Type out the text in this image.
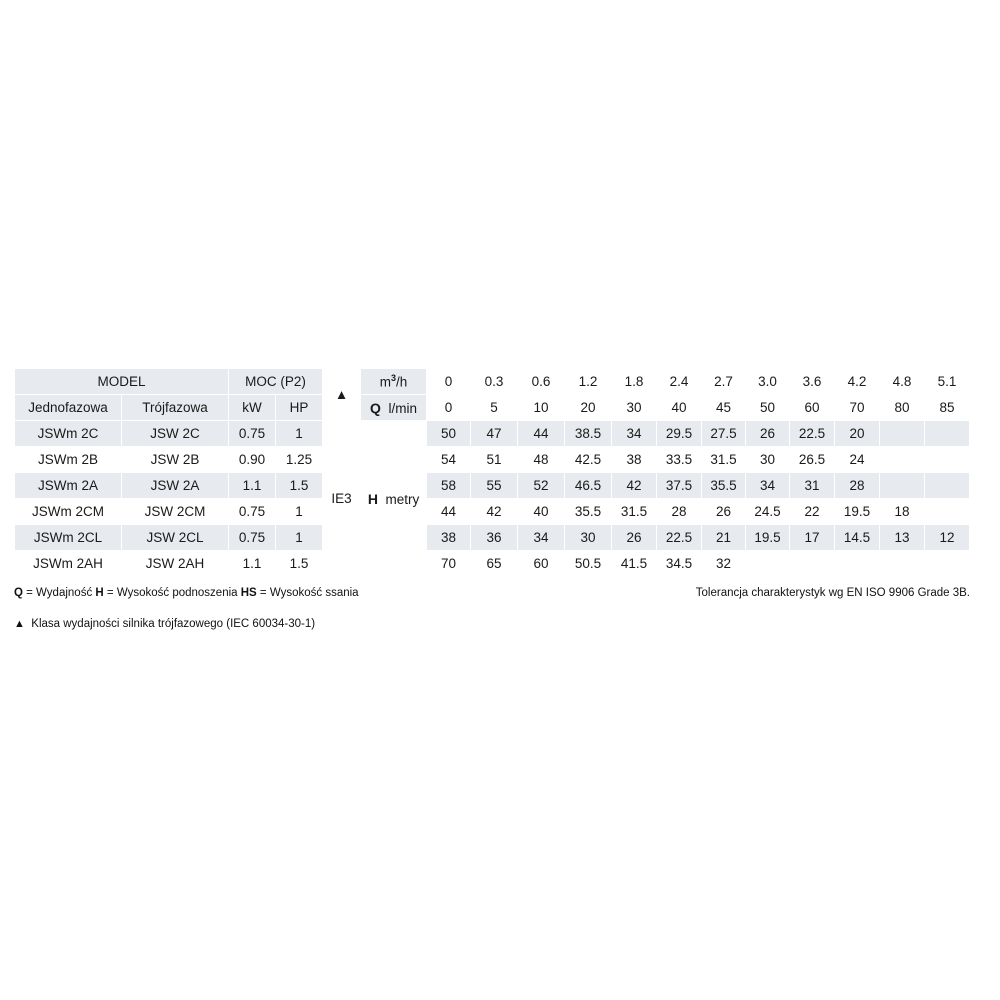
MODEL		MOC (P2)		▲	$m^3/h$	0	0.3	0.6	1.2	1.8	2.4	2.7	3.0	3.6	4.2	4.8	5.1
Jednofazowa	Trójfazowa	kW	HP		Q l/min	0	5	10	20	30	40	45	50	60	70	80	85
JSWm 2C	JSW 2C	0.75	1	IE3	H metry	50	47	44	38.5	34	29.5	27.5	26	22.5	20		
JSWm 2B	JSW 2B	0.90	1.25			54	51	48	42.5	38	33.5	31.5	30	26.5	24		
JSWm 2A	JSW 2A	1.1	1.5			58	55	52	46.5	42	37.5	35.5	34	31	28		
JSWm 2CM	JSW 2CM	0.75	1			44	42	40	35.5	31.5	28	26	24.5	22	19.5	18	
JSWm 2CL	JSW 2CL	0.75	1			38	36	34	30	26	22.5	21	19.5	17	14.5	13	12
JSWm 2AH	JSW 2AH	1.1	1.5			70	65	60	50.5	41.5	34.5	32					
Q = Wydajność H = Wysokość podnoszenia HS = Wysokość ssania	Tolerancja charakterystyk wg EN ISO 9906 Grade 3B.
▲ Klasa wydajności silnika trójfazowego (IEC 60034-30-1)
